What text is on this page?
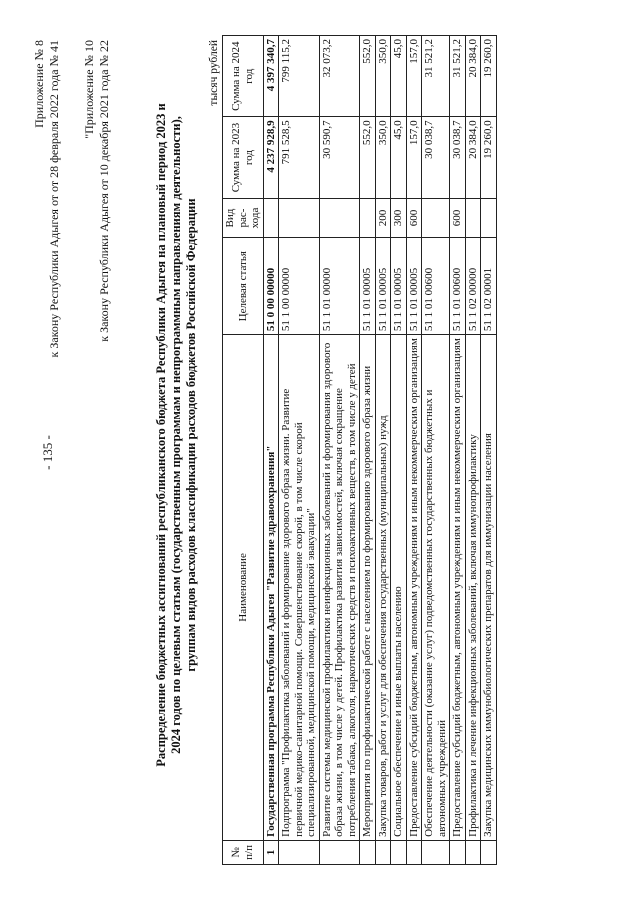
- 135 -
Приложение № 8 к Закону Республики Адыгея от от 28 февраля 2022 года № 41 "Приложение № 10 к Закону Республики Адыгея от 10 декабря 2021 года № 22	Распределение бюджетных ассигнований республиканского бюджета Республики Адыгея на плановый период 2023 и 2024 годов по целевым статьям (государственным программам и непрограммным направлениям деятельности), группам видов расходов классификации расходов бюджетов Российской Федерации
тысяч рублей
№ п/п	Наименование	Целевая статья	Вид рас-хода	Сумма на 2023 год	Сумма на 2024 год
1	Государственная программа Республики Адыгея "Развитие здравоохранения"	51 0 00 00000		4 237 928,9	4 397 340,7
	Подпрограмма "Профилактика заболеваний и формирование здорового образа жизни. Развитие первичной медико-санитарной помощи. Совершенствование скорой, в том числе скорой специализированной, медицинской помощи, медицинской эвакуации"	51 1 00 00000		791 528,5	799 115,2
	Развитие системы медицинской профилактики неинфекционных заболеваний и формирования здорового образа жизни, в том числе у детей. Профилактика развития зависимостей, включая сокращение потребления табака, алкоголя, наркотических средств и психоактивных веществ, в том числе у детей	51 1 01 00000		30 590,7	32 073,2
	Мероприятия по профилактической работе с населением по формированию здорового образа жизни	51 1 01 00005		552,0	552,0
	Закупка товаров, работ и услуг для обеспечения государственных (муниципальных) нужд	51 1 01 00005	200	350,0	350,0
	Социальное обеспечение и иные выплаты населению	51 1 01 00005	300	45,0	45,0
	Предоставление субсидий бюджетным, автономным учреждениям и иным некоммерческим организациям	51 1 01 00005	600	157,0	157,0
	Обеспечение деятельности (оказание услуг) подведомственных государственных бюджетных и автономных учреждений	51 1 01 00600		30 038,7	31 521,2
	Предоставление субсидий бюджетным, автономным учреждениям и иным некоммерческим организациям	51 1 01 00600	600	30 038,7	31 521,2
	Профилактика и лечение инфекционных заболеваний, включая иммунопрофилактику	51 1 02 00000		20 384,0	20 384,0
	Закупка медицинских иммунобиологических препаратов для иммунизации населения	51 1 02 00001		19 260,0	19 260,0
